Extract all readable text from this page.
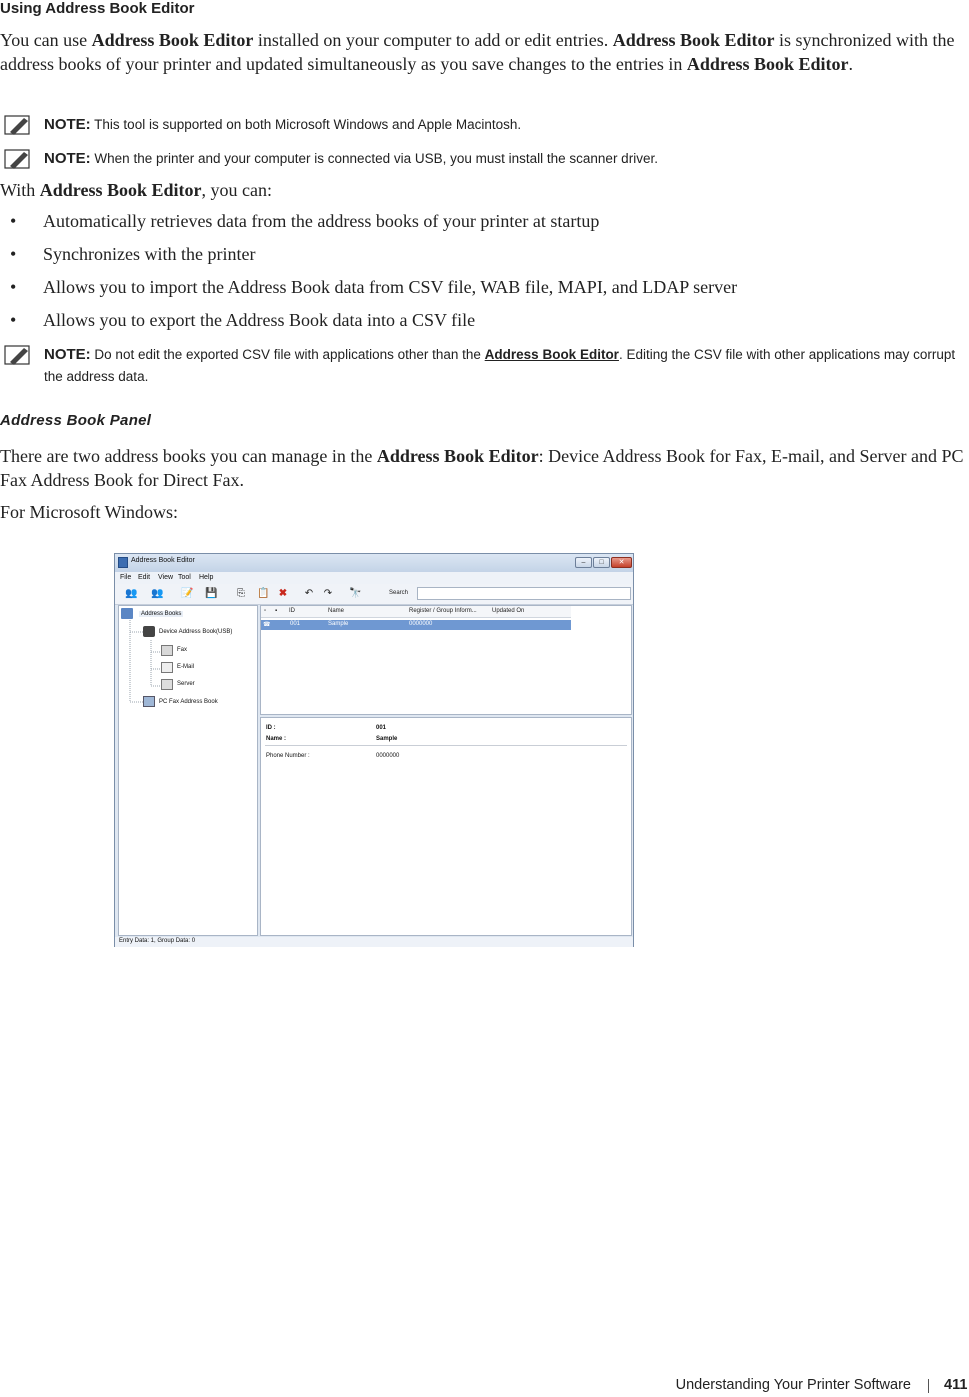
Using Address Book Editor
You can use Address Book Editor installed on your computer to add or edit entries. Address Book Editor is synchronized with the address books of your printer and updated simultaneously as you save changes to the entries in Address Book Editor.
NOTE: This tool is supported on both Microsoft Windows and Apple Macintosh.
NOTE: When the printer and your computer is connected via USB, you must install the scanner driver.
With Address Book Editor, you can:
• Automatically retrieves data from the address books of your printer at startup
• Synchronizes with the printer
• Allows you to import the Address Book data from CSV file, WAB file, MAPI, and LDAP server
• Allows you to export the Address Book data into a CSV file
NOTE: Do not edit the exported CSV file with applications other than the Address Book Editor. Editing the CSV file with other applications may corrupt the address data.
Address Book Panel
There are two address books you can manage in the Address Book Editor: Device Address Book for Fax, E-mail, and Server and PC Fax Address Book for Direct Fax.
For Microsoft Windows:
Address Book Editor	–	□	✕
File Edit View Tool Help
👥 👥 📝 💾 ⎘ 📋 ✖ ↶ ↷ 🔭	Search
Address Books
Device Address Book(USB)
Fax
E-Mail
Server
PC Fax Address Book
▫ ▪ ID	Name	Register / Group Inform...	Updated On
☎	001	Sample	0000000
ID :	001
Name :	Sample
Phone Number :	0000000
Entry Data: 1, Group Data: 0
Understanding Your Printer Software 411
